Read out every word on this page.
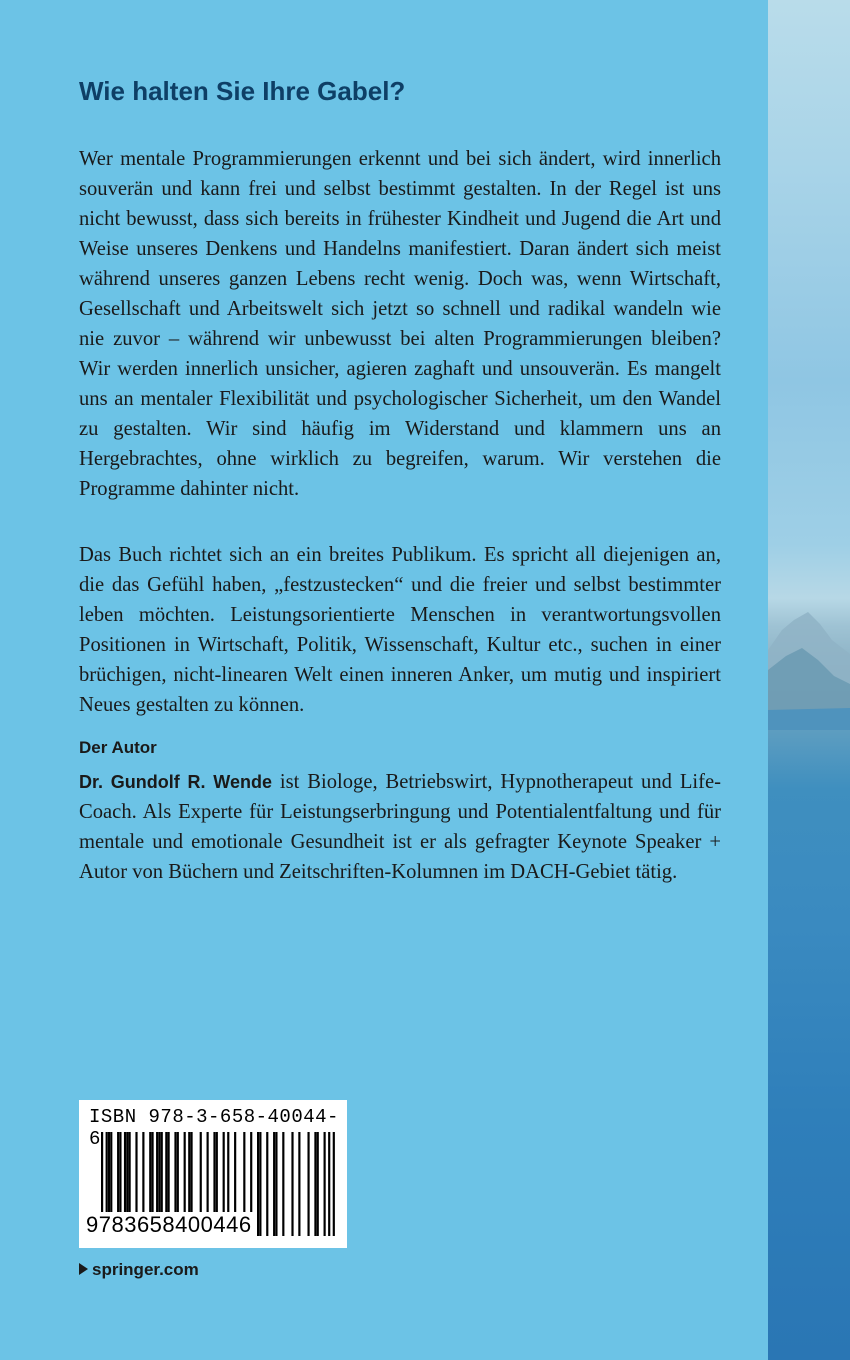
Wie halten Sie Ihre Gabel?

Wer mentale Programmierungen erkennt und bei sich ändert, wird innerlich souverän und kann frei und selbst bestimmt gestalten. In der Regel ist uns nicht bewusst, dass sich bereits in frühester Kindheit und Jugend die Art und Weise unseres Denkens und Handelns manifestiert. Daran ändert sich meist während unseres ganzen Lebens recht wenig. Doch was, wenn Wirtschaft, Gesellschaft und Arbeitswelt sich jetzt so schnell und radikal wandeln wie nie zuvor – während wir unbewusst bei alten Programmierungen bleiben? Wir werden innerlich unsicher, agieren zaghaft und unsouverän. Es mangelt uns an mentaler Flexibilität und psychologischer Sicherheit, um den Wandel zu gestalten. Wir sind häufig im Widerstand und klammern uns an Hergebrachtes, ohne wirklich zu begreifen, warum. Wir verstehen die Programme dahinter nicht.

Das Buch richtet sich an ein breites Publikum. Es spricht all diejenigen an, die das Gefühl haben, „festzustecken“ und die freier und selbst bestimmter leben möchten. Leistungsorientierte Menschen in verantwortungsvollen Positionen in Wirtschaft, Politik, Wissenschaft, Kultur etc., suchen in einer brüchigen, nicht-linearen Welt einen inneren Anker, um mutig und inspiriert Neues gestalten zu können.

Der Autor

Dr. Gundolf R. Wende ist Biologe, Betriebswirt, Hypnotherapeut und Life-Coach. Als Experte für Leistungserbringung und Potentialentfaltung und für mentale und emotionale Gesundheit ist er als gefragter Keynote Speaker + Autor von Büchern und Zeitschriften-Kolumnen im DACH-Gebiet tätig.

ISBN 978-3-658-40044-6
9783658400446
springer.com
